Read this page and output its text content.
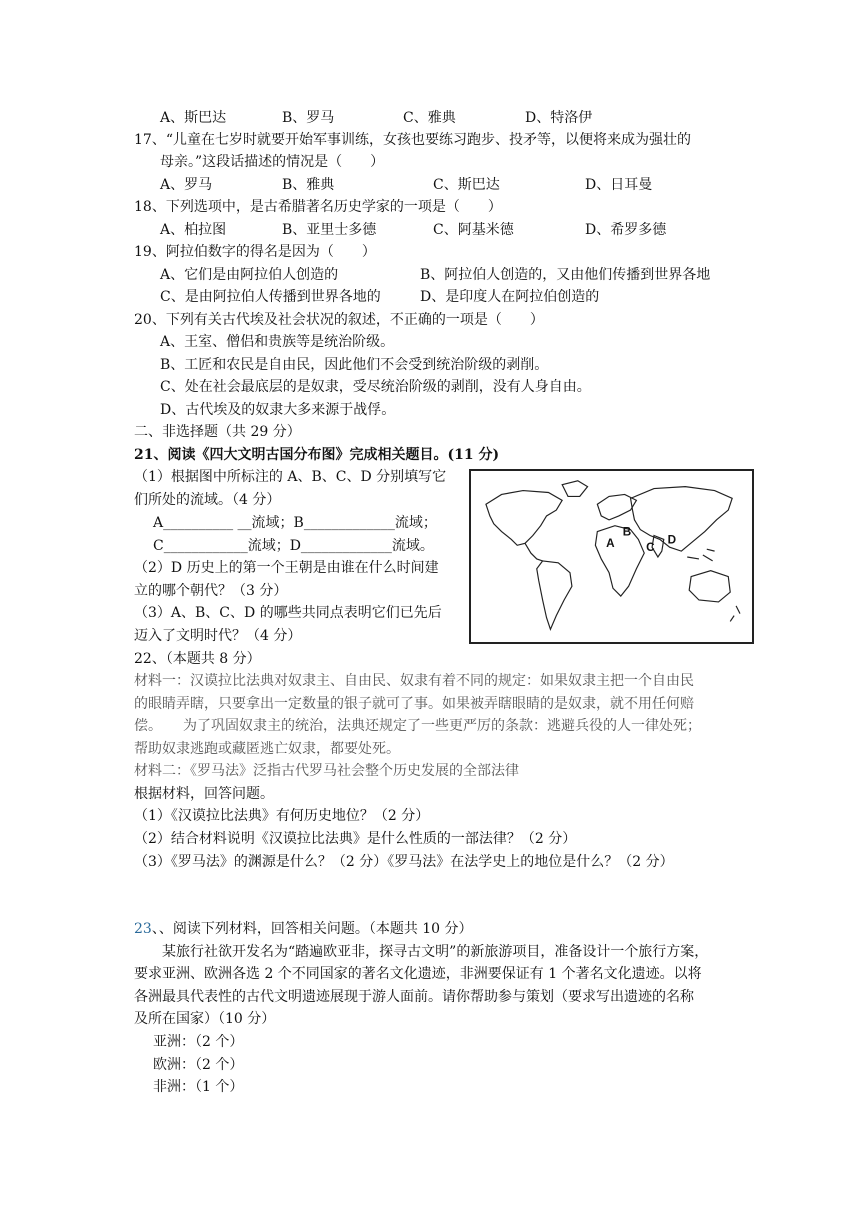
A、斯巴达	B、罗马	C、雅典	D、特洛伊
17、“儿童在七岁时就要开始军事训练，女孩也要练习跑步、投矛等，以便将来成为强壮的
母亲。”这段话描述的情况是（　　）
A、罗马	B、雅典	C、斯巴达	D、日耳曼
18、下列选项中，是古希腊著名历史学家的一项是（　　）
A、柏拉图	B、亚里士多德	C、阿基米德	D、希罗多德
19、阿拉伯数字的得名是因为（　　）
A、它们是由阿拉伯人创造的	B、阿拉伯人创造的，又由他们传播到世界各地
C、是由阿拉伯人传播到世界各地的	D、是印度人在阿拉伯创造的
20、下列有关古代埃及社会状况的叙述，不正确的一项是（　　）
A、王室、僧侣和贵族等是统治阶级。
B、工匠和农民是自由民，因此他们不会受到统治阶级的剥削。
C、处在社会最底层的是奴隶，受尽统治阶级的剥削，没有人身自由。
D、古代埃及的奴隶大多来源于战俘。
二、非选择题（共 29 分）
21、阅读《四大文明古国分布图》完成相关题目。(11 分)
（1）根据图中所标注的 A、B、C、D 分别填写它
们所处的流域。（4 分）
A__________ __流域；B_____________流域；
C____________流域；D_____________流域。
（2）D 历史上的第一个王朝是由谁在什么时间建
立的哪个朝代？（3 分）
（3）A、B、C、D 的哪些共同点表明它们已先后
迈入了文明时代？（4 分）
A
B
C
D
22、（本题共 8 分）
材料一：汉谟拉比法典对奴隶主、自由民、奴隶有着不同的规定：如果奴隶主把一个自由民
的眼睛弄瞎，只要拿出一定数量的银子就可了事。如果被弄瞎眼睛的是奴隶，就不用任何赔
偿。　　为了巩固奴隶主的统治，法典还规定了一些更严厉的条款：逃避兵役的人一律处死；
帮助奴隶逃跑或藏匿逃亡奴隶，都要处死。
材料二：《罗马法》泛指古代罗马社会整个历史发展的全部法律
根据材料，回答问题。
（1）《汉谟拉比法典》有何历史地位？（2 分）
（2）结合材料说明《汉谟拉比法典》是什么性质的一部法律？（2 分）
（3）《罗马法》的渊源是什么？（2 分）《罗马法》在法学史上的地位是什么？（2 分）
23、、阅读下列材料，回答相关问题。（本题共 10 分）
某旅行社欲开发名为“踏遍欧亚非，探寻古文明”的新旅游项目，准备设计一个旅行方案，
要求亚洲、欧洲各选 2 个不同国家的著名文化遗迹，非洲要保证有 1 个著名文化遗迹。以将
各洲最具代表性的古代文明遗迹展现于游人面前。请你帮助参与策划（要求写出遗迹的名称
及所在国家）（10 分）
亚洲：（2 个）
欧洲：（2 个）
非洲：（1 个）
